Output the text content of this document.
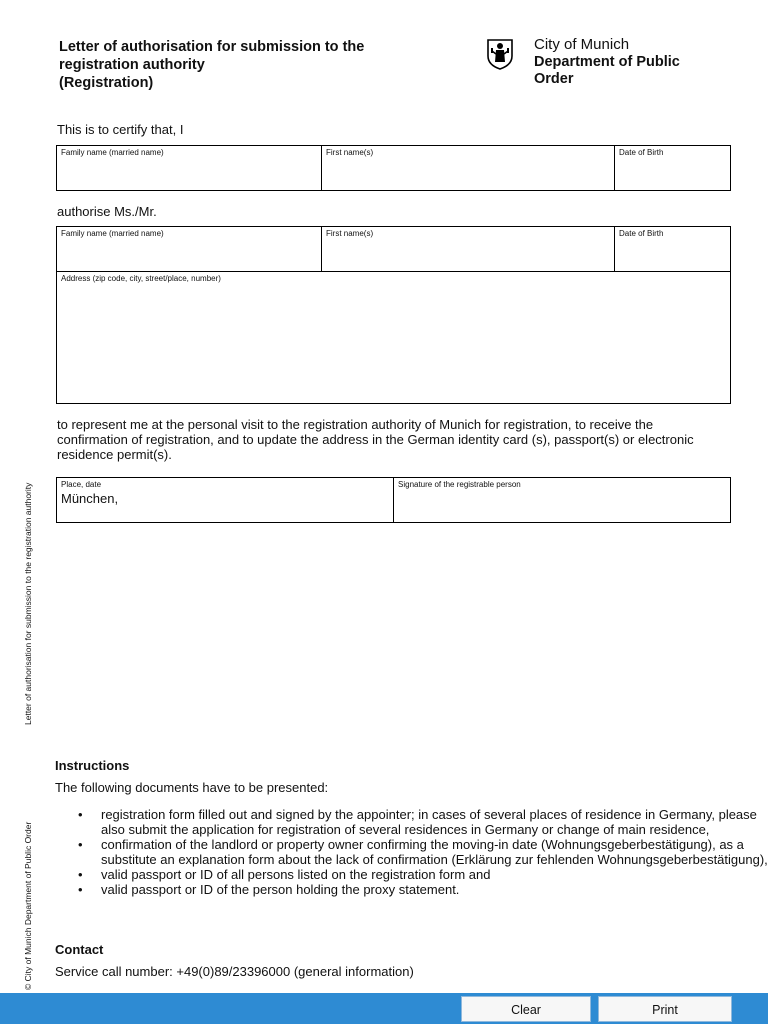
Letter of authorisation for submission to the
registration authority
(Registration)
City of Munich
Department of Public
Order
This is to certify that, I
Family name (married name)	First name(s)	Date of Birth
authorise Ms./Mr.
Family name (married name)	First name(s)	Date of Birth
Address (zip code, city, street/place, number)
to represent me at the personal visit to the registration authority of Munich for registration, to receive the confirmation of registration, and to update the address in the German identity card (s), passport(s) or electronic residence permit(s).
Place, date
München,
	Signature of the registrable person
Letter of authorisation for submission to the registration authority
© City of Munich Department of Public Order
Instructions
The following documents have to be presented:
• registration form filled out and signed by the appointer; in cases of several places of residence in Germany, please also submit the application for registration of several residences in Germany or change of main residence,
• confirmation of the landlord or property owner confirming the moving-in date (Wohnungsgeberbestätigung), as a substitute an explanation form about the lack of confirmation (Erklärung zur fehlenden Wohnungsgeberbestätigung),
• valid passport or ID of all persons listed on the registration form and
• valid passport or ID of the person holding the proxy statement.
Contact
Service call number: +49(0)89/23396000 (general information)
Clear	Print
